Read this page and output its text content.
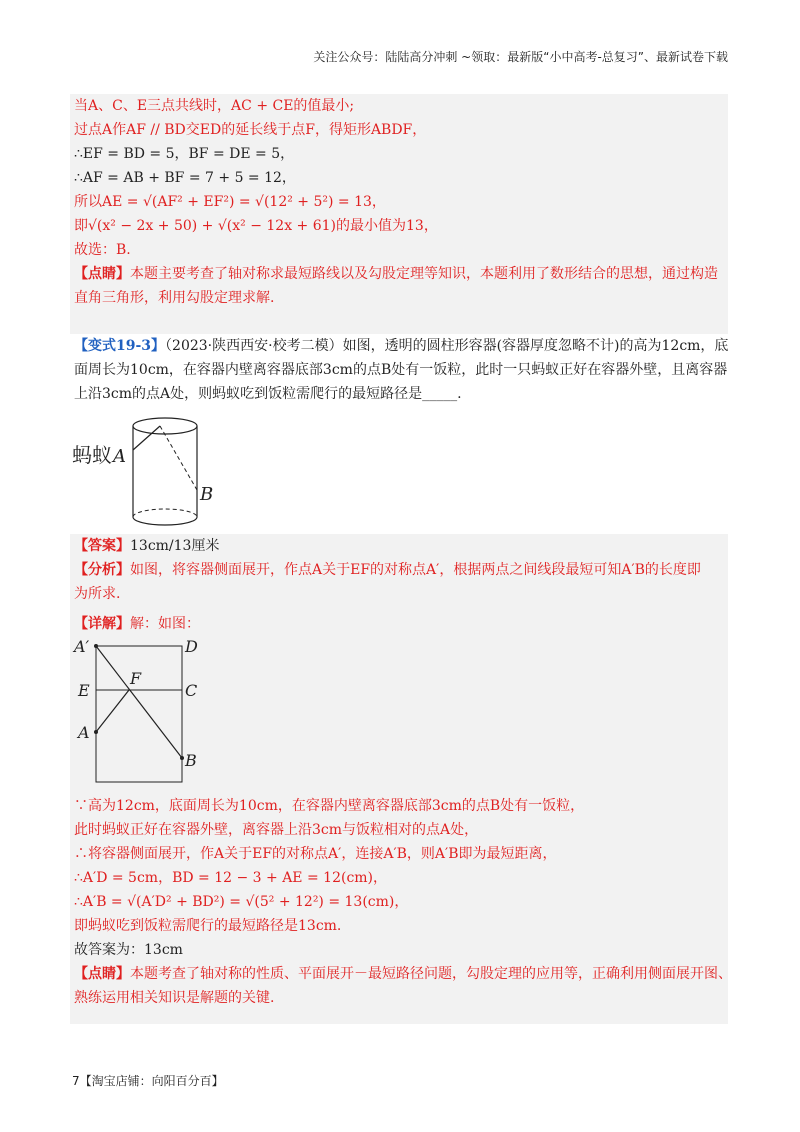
关注公众号：陆陆高分冲刺 ~领取：最新版“小中高考-总复习”、最新试卷下载
当A、C、E三点共线时，AC + CE的值最小;
过点A作AF // BD交ED的延长线于点F，得矩形ABDF，
∴EF = BD = 5，BF = DE = 5，
∴AF = AB + BF = 7 + 5 = 12，
所以AE = √(AF² + EF²) = √(12² + 5²) = 13，
即√(x² − 2x + 50) + √(x² − 12x + 61)的最小值为13，
故选：B.
【点睛】本题主要考查了轴对称求最短路线以及勾股定理等知识，本题利用了数形结合的思想，通过构造
直角三角形，利用勾股定理求解.
【变式19-3】（2023·陕西西安·校考二模）如图，透明的圆柱形容器(容器厚度忽略不计)的高为12cm，底
面周长为10cm，在容器内壁离容器底部3cm的点B处有一饭粒，此时一只蚂蚁正好在容器外壁，且离容器
上沿3cm的点A处，则蚂蚁吃到饭粒需爬行的最短路径是_____.
蚂蚁 A
B
【答案】13cm/13厘米
【分析】如图，将容器侧面展开，作点A关于EF的对称点A′，根据两点之间线段最短可知A′B的长度即
为所求.
【详解】解：如图：
A′	D
E
F
C
A
B
∵高为12cm，底面周长为10cm，在容器内壁离容器底部3cm的点B处有一饭粒，
此时蚂蚁正好在容器外壁，离容器上沿3cm与饭粒相对的点A处，
∴将容器侧面展开，作A关于EF的对称点A′，连接A′B，则A′B即为最短距离，
∴A′D = 5cm，BD = 12 − 3 + AE = 12(cm)，
∴A′B = √(A′D² + BD²) = √(5² + 12²) = 13(cm)，
即蚂蚁吃到饭粒需爬行的最短路径是13cm.
故答案为：13cm
【点睛】本题考查了轴对称的性质、平面展开－最短路径问题，勾股定理的应用等，正确利用侧面展开图、
熟练运用相关知识是解题的关键.
7【淘宝店铺：向阳百分百】
